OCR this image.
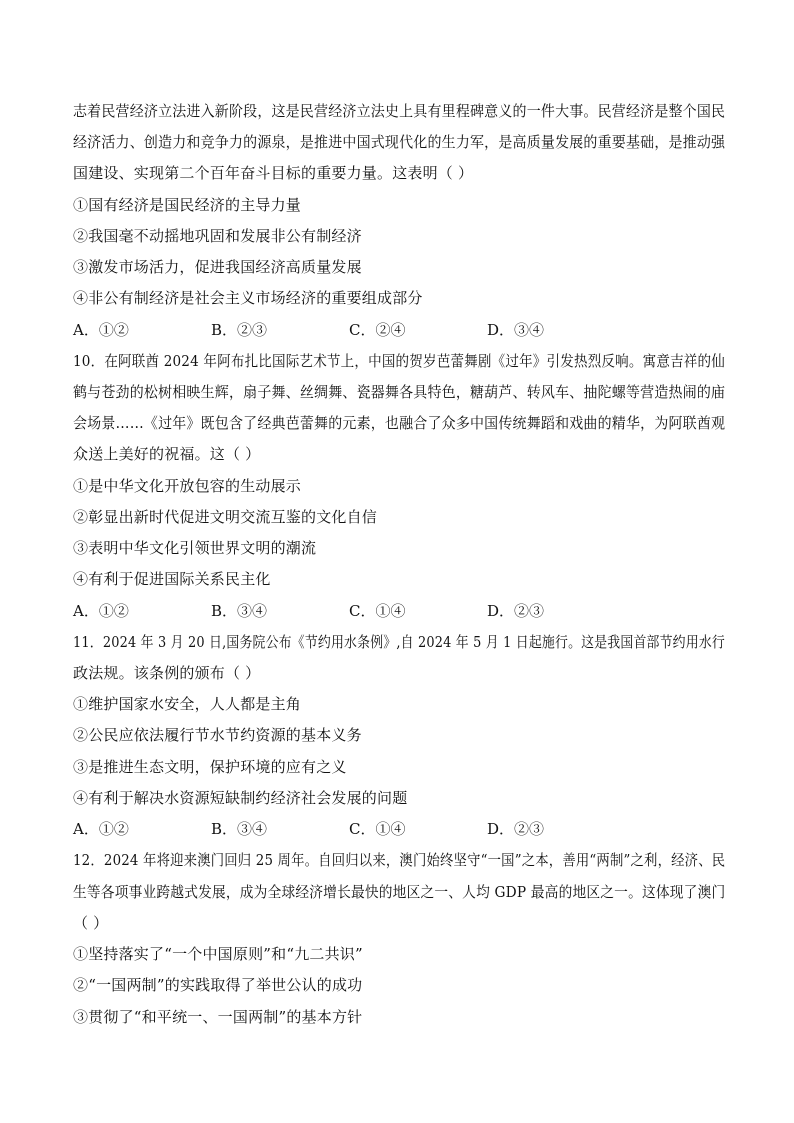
志着民营经济立法进入新阶段，这是民营经济立法史上具有里程碑意义的一件大事。民营经济是整个国民
经济活力、创造力和竞争力的源泉，是推进中国式现代化的生力军，是高质量发展的重要基础，是推动强
国建设、实现第二个百年奋斗目标的重要力量。这表明（ ）
①国有经济是国民经济的主导力量
②我国毫不动摇地巩固和发展非公有制经济
③激发市场活力，促进我国经济高质量发展
④非公有制经济是社会主义市场经济的重要组成部分
A．①②	B．②③	C．②④	D．③④
10．在阿联酋 2024 年阿布扎比国际艺术节上，中国的贺岁芭蕾舞剧《过年》引发热烈反响。寓意吉祥的仙
鹤与苍劲的松树相映生辉，扇子舞、丝绸舞、瓷器舞各具特色，糖葫芦、转风车、抽陀螺等营造热闹的庙
会场景……《过年》既包含了经典芭蕾舞的元素，也融合了众多中国传统舞蹈和戏曲的精华，为阿联酋观
众送上美好的祝福。这（ ）
①是中华文化开放包容的生动展示
②彰显出新时代促进文明交流互鉴的文化自信
③表明中华文化引领世界文明的潮流
④有利于促进国际关系民主化
A．①②	B．③④	C．①④	D．②③
11．2024 年 3 月 20 日,国务院公布《节约用水条例》,自 2024 年 5 月 1 日起施行。这是我国首部节约用水行
政法规。该条例的颁布（ ）
①维护国家水安全，人人都是主角
②公民应依法履行节水节约资源的基本义务
③是推进生态文明，保护环境的应有之义
④有利于解决水资源短缺制约经济社会发展的问题
A．①②	B．③④	C．①④	D．②③
12．2024 年将迎来澳门回归 25 周年。自回归以来，澳门始终坚守“一国”之本，善用“两制”之利，经济、民
生等各项事业跨越式发展，成为全球经济增长最快的地区之一、人均 GDP 最高的地区之一。这体现了澳门
（ ）
①坚持落实了“一个中国原则”和“九二共识”
②“一国两制”的实践取得了举世公认的成功
③贯彻了“和平统一、一国两制”的基本方针
